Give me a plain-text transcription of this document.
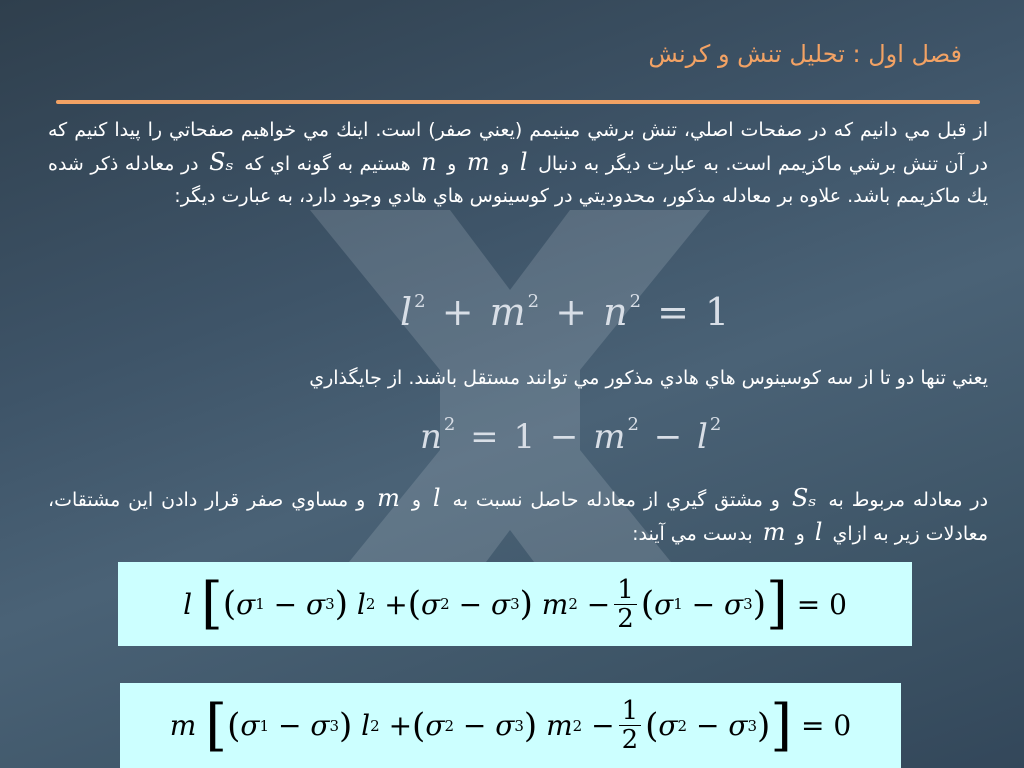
فصل اول : تحليل تنش و کرنش
از قبل مي دانيم كه در صفحات اصلي، تنش برشي مينيمم (يعني صفر) است. اينك مي خواهيم صفحاتي را پيدا كنيم كه در آن تنش برشي ماكزيمم است. به عبارت ديگر به دنبال l و m و n هستيم به گونه اي كه Sₛ در معادله ذكر شده يك ماكزيمم باشد. علاوه بر معادله مذكور، محدوديتي در كوسينوس هاي هادي وجود دارد، به عبارت ديگر:
$l^2 + m^2 + n^2 = 1$
يعني تنها دو تا از سه كوسينوس هاي هادي مذكور مي توانند مستقل باشند. از جايگذاري
$n^2 = 1 - m^2 - l^2$
در معادله مربوط به Sₛ و مشتق گيري از معادله حاصل نسبت به l و m و مساوي صفر قرار دادن اين مشتقات، معادلات زير به ازاي l و m بدست مي آيند:
l
[ ( σ 1 − σ 3 )
l 2 + ( σ 2 − σ 3 )
m $2 - \frac{1}{2}$ ( σ 1 − σ 3 ) ]
= 0
m
[ ( σ 1 − σ 3 )
l 2 + ( σ 2 − σ 3 )
m $2 - \frac{1}{2}$ ( σ 2 − σ 3 ) ]
= 0
